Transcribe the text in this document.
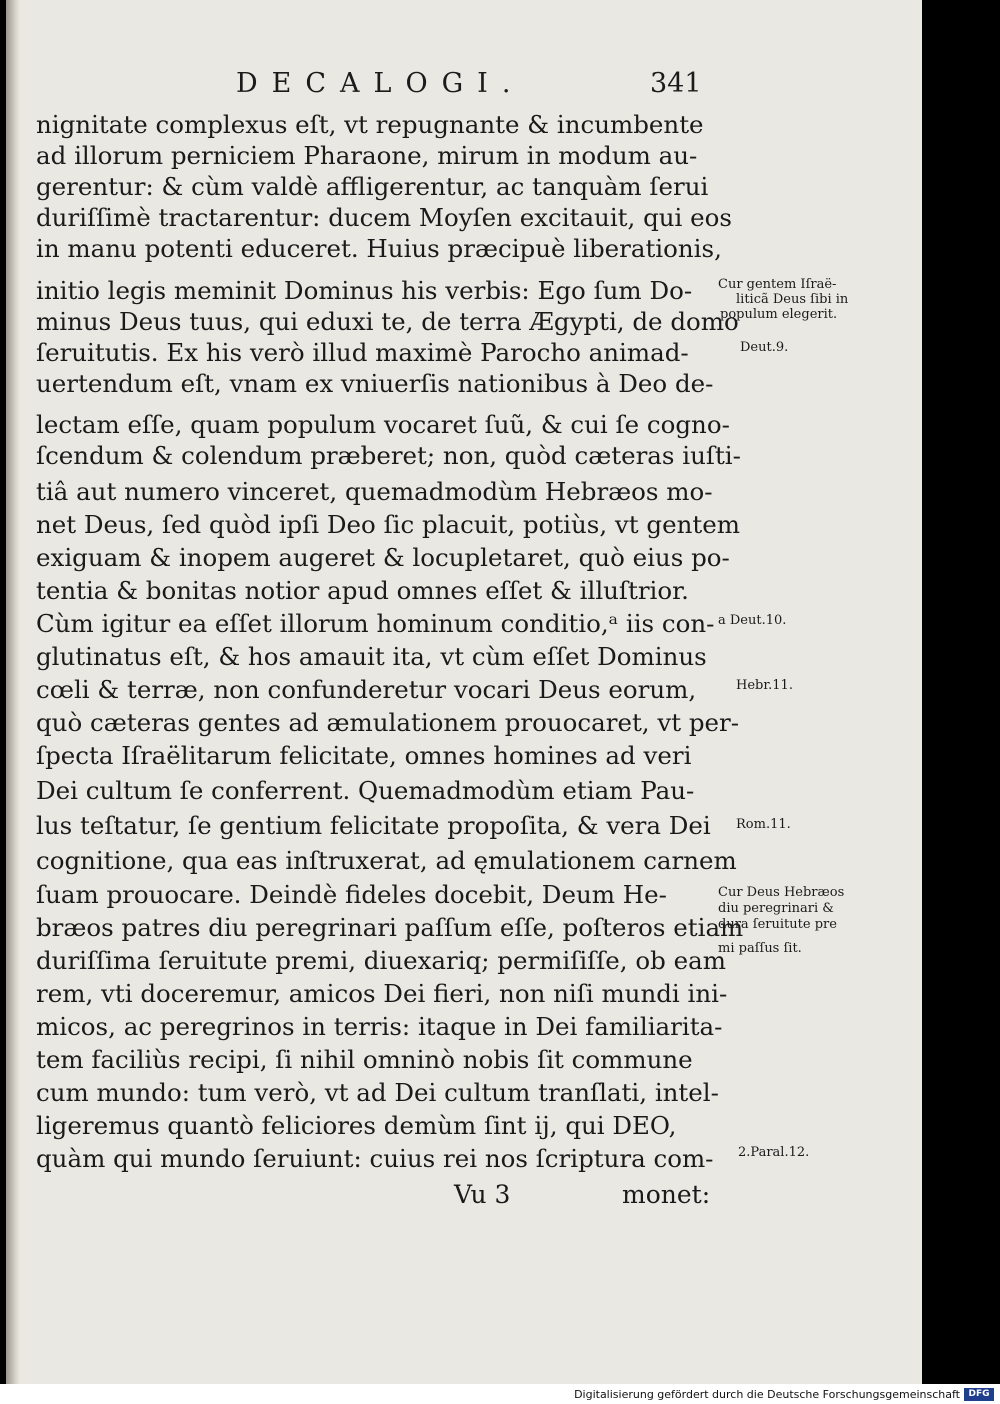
DECALOGI.	341
nignitate complexus eſt, vt repugnante & incumbente
ad illorum perniciem Pharaone, mirum in modum au-
gerentur: & cùm valdè affligerentur, ac tanquàm ſerui
duriſſimè tractarentur: ducem Moyſen excitauit, qui eos
in manu potenti educeret. Huius præcipuè liberationis,
initio legis meminit Dominus his verbis: Ego ſum Do-
minus Deus tuus, qui eduxi te, de terra Ægypti, de domo
ſeruitutis. Ex his verò illud maximè Parocho animad-
uertendum eſt, vnam ex vniuerſis nationibus à Deo de-
lectam eſſe, quam populum vocaret ſuũ, & cui ſe cogno-
ſcendum & colendum præberet; non, quòd cæteras iuſti-
tiâ aut numero vinceret, quemadmodùm Hebræos mo-
net Deus, ſed quòd ipſi Deo ſic placuit, potiùs, vt gentem
exiguam & inopem augeret & locupletaret, quò eius po-
tentia & bonitas notior apud omnes eſſet & illuſtrior.
Cùm igitur ea eſſet illorum hominum conditio,ᵃ iis con-
glutinatus eſt, & hos amauit ita, vt cùm eſſet Dominus
cœli & terræ, non confunderetur vocari Deus eorum,
quò cæteras gentes ad æmulationem prouocaret, vt per-
ſpecta Iſraëlitarum felicitate, omnes homines ad veri
Dei cultum ſe conferrent. Quemadmodùm etiam Pau-
lus teſtatur, ſe gentium felicitate propoſita, & vera Dei
cognitione, qua eas inſtruxerat, ad ęmulationem carnem
ſuam prouocare. Deindè fideles docebit, Deum He-
bræos patres diu peregrinari paſſum eſſe, poſteros etiam
duriſſima ſeruitute premi, diuexariq; permiſiſſe, ob eam
rem, vti doceremur, amicos Dei fieri, non niſi mundi ini-
micos, ac peregrinos in terris: itaque in Dei familiarita-
tem faciliùs recipi, ſi nihil omninò nobis ſit commune
cum mundo: tum verò, vt ad Dei cultum tranſlati, intel-
ligeremus quantò feliciores demùm ſint ij, qui DEO,
quàm qui mundo ſeruiunt: cuius rei nos ſcriptura com-
Vu 3	monet:
Cur gentem Iſraë-
liticã Deus ſibi in
populum elegerit.
Deut.9.
a Deut.10.
Hebr.11.
Rom.11.
Cur Deus Hebræos
diu peregrinari &
dura ſeruitute pre
mi paſſus ſit.
2.Paral.12.
Digitalisierung gefördert durch die Deutsche Forschungsgemeinschaft DFG
